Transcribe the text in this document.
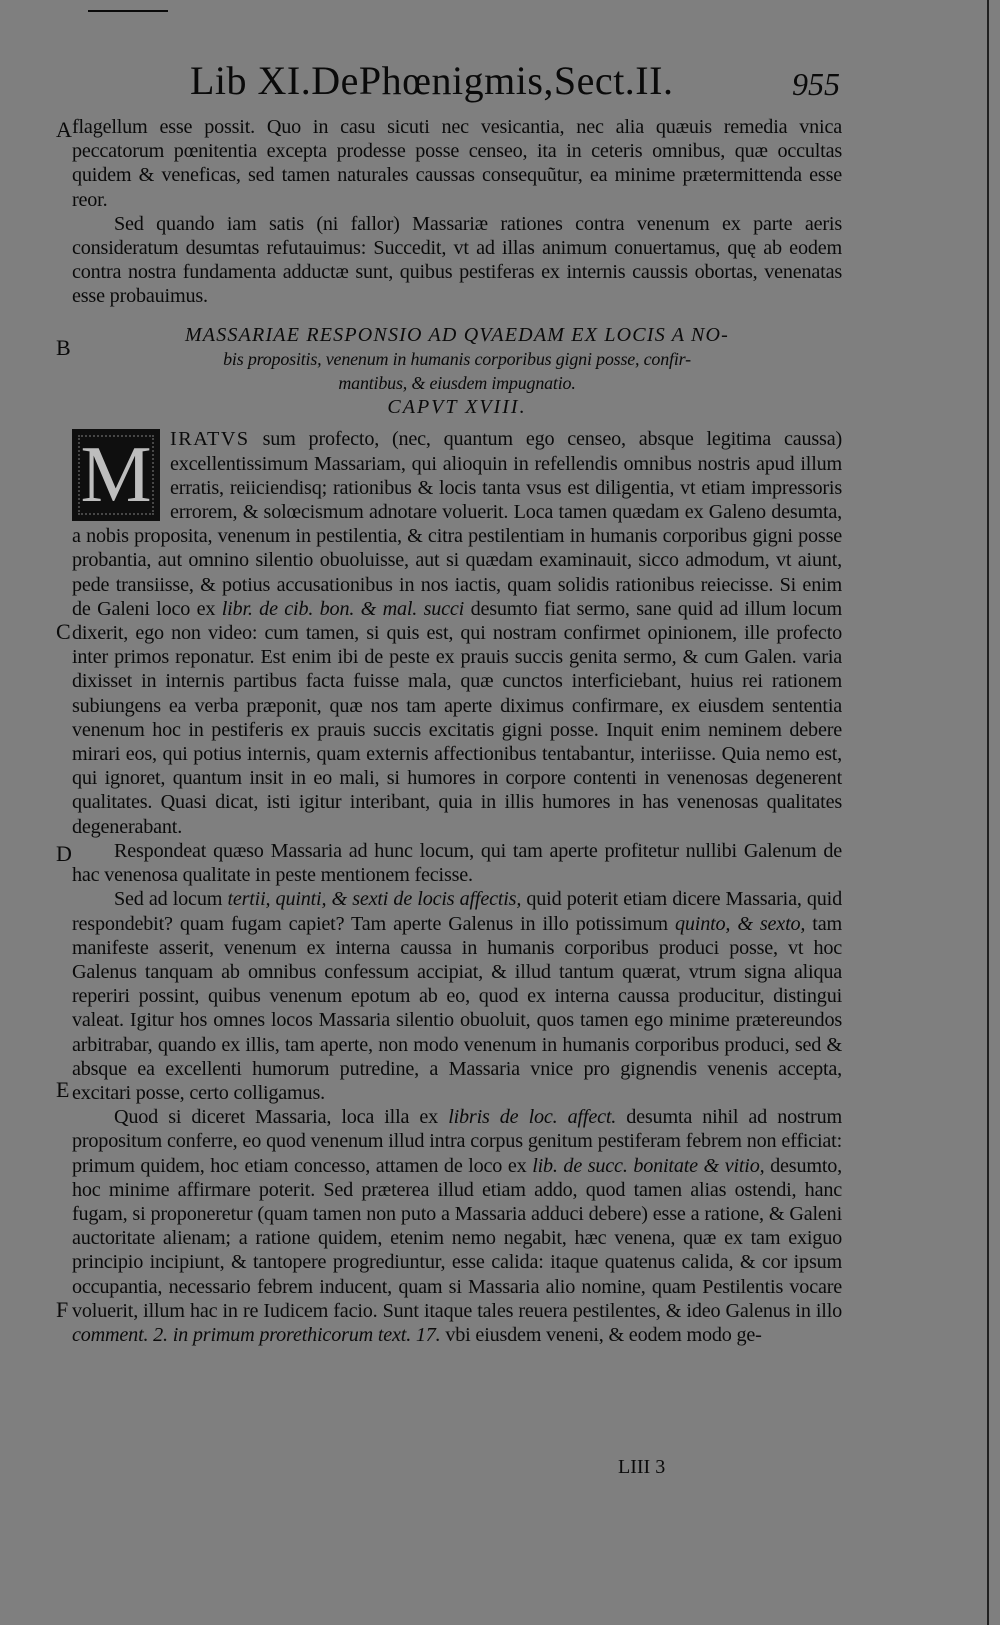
Lib XI.DePhœnigmis,Sect.II.	955
A
B
C
D
E
F

flagellum esse possit. Quo in casu sicuti nec vesicantia, nec alia quæuis remedia vnica peccatorum pœnitentia excepta prodesse posse censeo, ita in ceteris omnibus, quæ occultas quidem & veneficas, sed tamen naturales caussas consequũtur, ea minime prætermittenda esse reor.

Sed quando iam satis (ni fallor) Massariæ rationes contra venenum ex parte aeris consideratum desumtas refutauimus: Succedit, vt ad illas animum conuertamus, quę ab eodem contra nostra fundamenta adductæ sunt, quibus pestiferas ex internis caussis obortas, venenatas esse probauimus.

MASSARIAE RESPONSIO AD QVAEDAM EX LOCIS A NO-
bis propositis, venenum in humanis corporibus gigni posse, confir-
mantibus, & eiusdem impugnatio.
CAPVT XVIII.

M IRATVS sum profecto, (nec, quantum ego censeo, absque legitima caussa) excellentissimum Massariam, qui alioquin in refellendis omnibus nostris apud illum erratis, reiiciendisq; rationibus & locis tanta vsus est diligentia, vt etiam impressoris errorem, & solœcismum adnotare voluerit. Loca tamen quædam ex Galeno desumta, a nobis proposita, venenum in pestilentia, & citra pestilentiam in humanis corporibus gigni posse probantia, aut omnino silentio obuoluisse, aut si quædam examinauit, sicco admodum, vt aiunt, pede transiisse, & potius accusationibus in nos iactis, quam solidis rationibus reiecisse. Si enim de Galeni loco ex libr. de cib. bon. & mal. succi desumto fiat sermo, sane quid ad illum locum dixerit, ego non video: cum tamen, si quis est, qui nostram confirmet opinionem, ille profecto inter primos reponatur. Est enim ibi de peste ex prauis succis genita sermo, & cum Galen. varia dixisset in internis partibus facta fuisse mala, quæ cunctos interficiebant, huius rei rationem subiungens ea verba præponit, quæ nos tam aperte diximus confirmare, ex eiusdem sententia venenum hoc in pestiferis ex prauis succis excitatis gigni posse. Inquit enim neminem debere mirari eos, qui potius internis, quam externis affectionibus tentabantur, interiisse. Quia nemo est, qui ignoret, quantum insit in eo mali, si humores in corpore contenti in venenosas degenerent qualitates. Quasi dicat, isti igitur interibant, quia in illis humores in has venenosas qualitates degenerabant.

Respondeat quæso Massaria ad hunc locum, qui tam aperte profitetur nullibi Galenum de hac venenosa qualitate in peste mentionem fecisse.

Sed ad locum tertii, quinti, & sexti de locis affectis, quid poterit etiam dicere Massaria, quid respondebit? quam fugam capiet? Tam aperte Galenus in illo potissimum quinto, & sexto, tam manifeste asserit, venenum ex interna caussa in humanis corporibus produci posse, vt hoc Galenus tanquam ab omnibus confessum accipiat, & illud tantum quærat, vtrum signa aliqua reperiri possint, quibus venenum epotum ab eo, quod ex interna caussa producitur, distingui valeat. Igitur hos omnes locos Massaria silentio obuoluit, quos tamen ego minime prætereundos arbitrabar, quando ex illis, tam aperte, non modo venenum in humanis corporibus produci, sed & absque ea excellenti humorum putredine, a Massaria vnice pro gignendis venenis accepta, excitari posse, certo colligamus.

Quod si diceret Massaria, loca illa ex libris de loc. affect. desumta nihil ad nostrum propositum conferre, eo quod venenum illud intra corpus genitum pestiferam febrem non efficiat: primum quidem, hoc etiam concesso, attamen de loco ex lib. de succ. bonitate & vitio, desumto, hoc minime affirmare poterit. Sed præterea illud etiam addo, quod tamen alias ostendi, hanc fugam, si proponeretur (quam tamen non puto a Massaria adduci debere) esse a ratione, & Galeni auctoritate alienam; a ratione quidem, etenim nemo negabit, hæc venena, quæ ex tam exiguo principio incipiunt, & tantopere progrediuntur, esse calida: itaque quatenus calida, & cor ipsum occupantia, necessario febrem inducent, quam si Massaria alio nomine, quam Pestilentis vocare voluerit, illum hac in re Iudicem facio. Sunt itaque tales reuera pestilentes, & ideo Galenus in illo comment. 2. in primum prorethicorum text. 17. vbi eiusdem veneni, & eodem modo ge-

LIII 3
